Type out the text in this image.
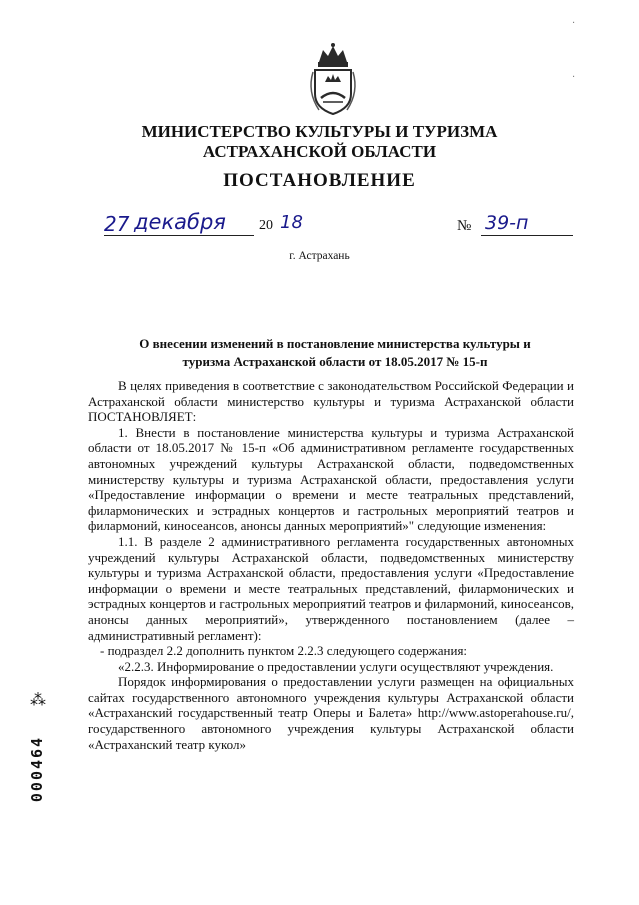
МИНИСТЕРСТВО КУЛЬТУРЫ И ТУРИЗМА
АСТРАХАНСКОЙ ОБЛАСТИ
ПОСТАНОВЛЕНИЕ
27 декабря 20 18	№ 39-п
г. Астрахань
О внесении изменений в постановление министерства культуры и
туризма Астраханской области от 18.05.2017 № 15-п

В целях приведения в соответствие с законодательством Российской Федерации и Астраханской области министерство культуры и туризма Астраханской области ПОСТАНОВЛЯЕТ:

1. Внести в постановление министерства культуры и туризма Астраханской области от 18.05.2017 № 15-п «Об административном регламенте государственных автономных учреждений культуры Астраханской области, подведомственных министерству культуры и туризма Астраханской области, предоставления услуги «Предоставление информации о времени и месте театральных представлений, филармонических и эстрадных концертов и гастрольных мероприятий театров и филармоний, киносеансов, анонсы данных мероприятий»" следующие изменения:

1.1. В разделе 2 административного регламента государственных автономных учреждений культуры Астраханской области, подведомственных министерству культуры и туризма Астраханской области, предоставления услуги «Предоставление информации о времени и месте театральных представлений, филармонических и эстрадных концертов и гастрольных мероприятий театров и филармоний, киносеансов, анонсы данных мероприятий», утвержденного постановлением (далее – административный регламент):

- подраздел 2.2 дополнить пунктом 2.2.3 следующего содержания:

«2.2.3. Информирование о предоставлении услуги осуществляют учреждения.

Порядок информирования о предоставлении услуги размещен на официальных сайтах государственного автономного учреждения культуры Астраханской области «Астраханский государственный театр Оперы и Балета» http://www.astoperahouse.ru/, государственного автономного учреждения культуры Астраханской области «Астраханский театр кукол»

⁂
000464
·
·
